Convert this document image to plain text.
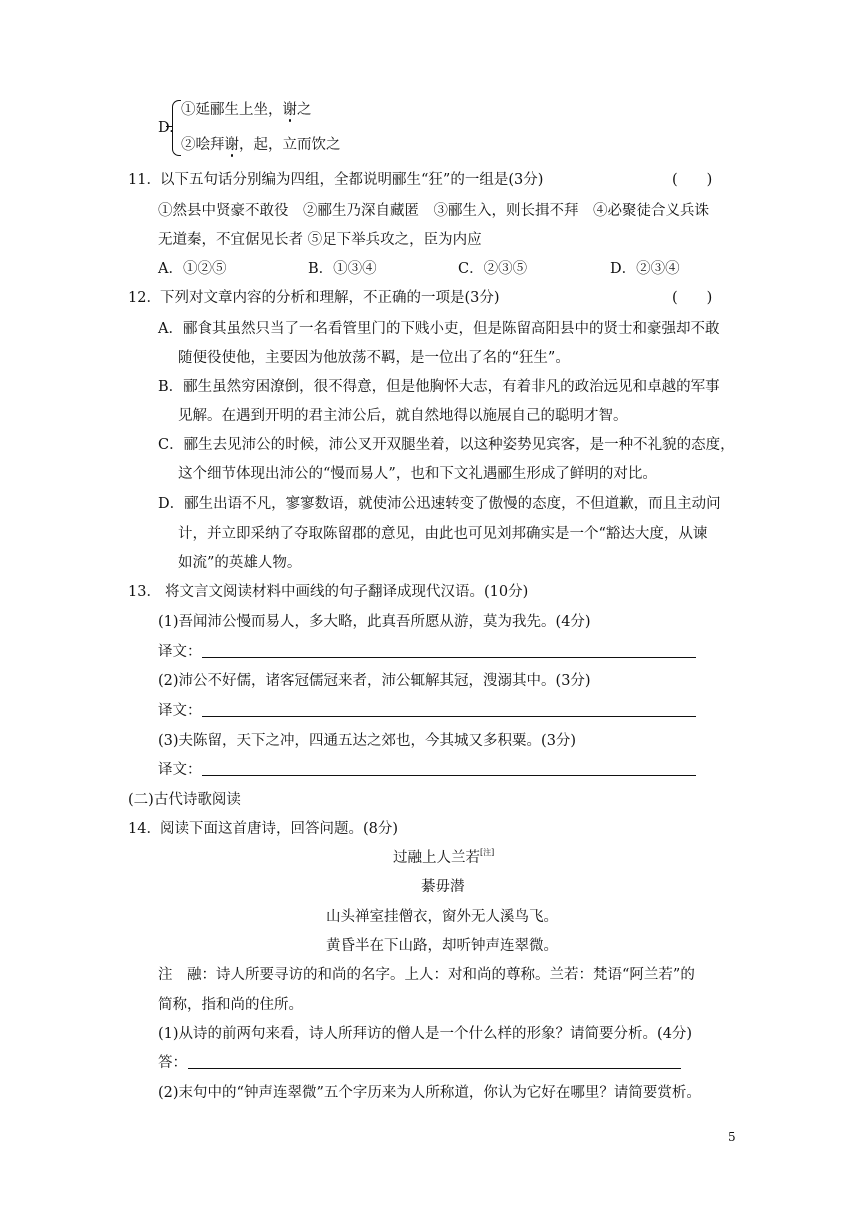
D.
①延郦生上坐，谢之
②哙拜谢，起，立而饮之
11． 以下五句话分别编为四组，全都说明郦生“狂”的一组是(3分)	(　　)
①然县中贤豪不敢役　②郦生乃深自藏匿　③郦生入，则长揖不拜　④必聚徒合义兵诛
无道秦，不宜倨见长者 ⑤足下举兵攻之，臣为内应
A．①②⑤	B．①③④	C．②③⑤	D．②③④
12． 下列对文章内容的分析和理解，不正确的一项是(3分)	(　　)
A．郦食其虽然只当了一名看管里门的下贱小吏，但是陈留高阳县中的贤士和豪强却不敢
随便役使他，主要因为他放荡不羁，是一位出了名的“狂生”。
B．郦生虽然穷困潦倒，很不得意，但是他胸怀大志，有着非凡的政治远见和卓越的军事
见解。在遇到开明的君主沛公后，就自然地得以施展自己的聪明才智。
C．郦生去见沛公的时候，沛公叉开双腿坐着，以这种姿势见宾客，是一种不礼貌的态度，
这个细节体现出沛公的“慢而易人”，也和下文礼遇郦生形成了鲜明的对比。
D．郦生出语不凡，寥寥数语，就使沛公迅速转变了傲慢的态度，不但道歉，而且主动问
计，并立即采纳了夺取陈留郡的意见，由此也可见刘邦确实是一个“豁达大度，从谏
如流”的英雄人物。
13． 将文言文阅读材料中画线的句子翻译成现代汉语。(10分)
(1)吾闻沛公慢而易人，多大略，此真吾所愿从游，莫为我先。(4分)
译文：
(2)沛公不好儒，诸客冠儒冠来者，沛公辄解其冠，溲溺其中。(3分)
译文：
(3)夫陈留，天下之冲，四通五达之郊也，今其城又多积粟。(3分)
译文：
(二)古代诗歌阅读
14． 阅读下面这首唐诗，回答问题。(8分)
过融上人兰若[注]
綦毋潜
山头禅室挂僧衣，窗外无人溪鸟飞。
黄昏半在下山路，却听钟声连翠微。
注　融：诗人所要寻访的和尚的名字。上人：对和尚的尊称。兰若：梵语“阿兰若”的
简称，指和尚的住所。
(1)从诗的前两句来看，诗人所拜访的僧人是一个什么样的形象？请简要分析。(4分)
答：
(2)末句中的“钟声连翠微”五个字历来为人所称道，你认为它好在哪里？请简要赏析。
5
